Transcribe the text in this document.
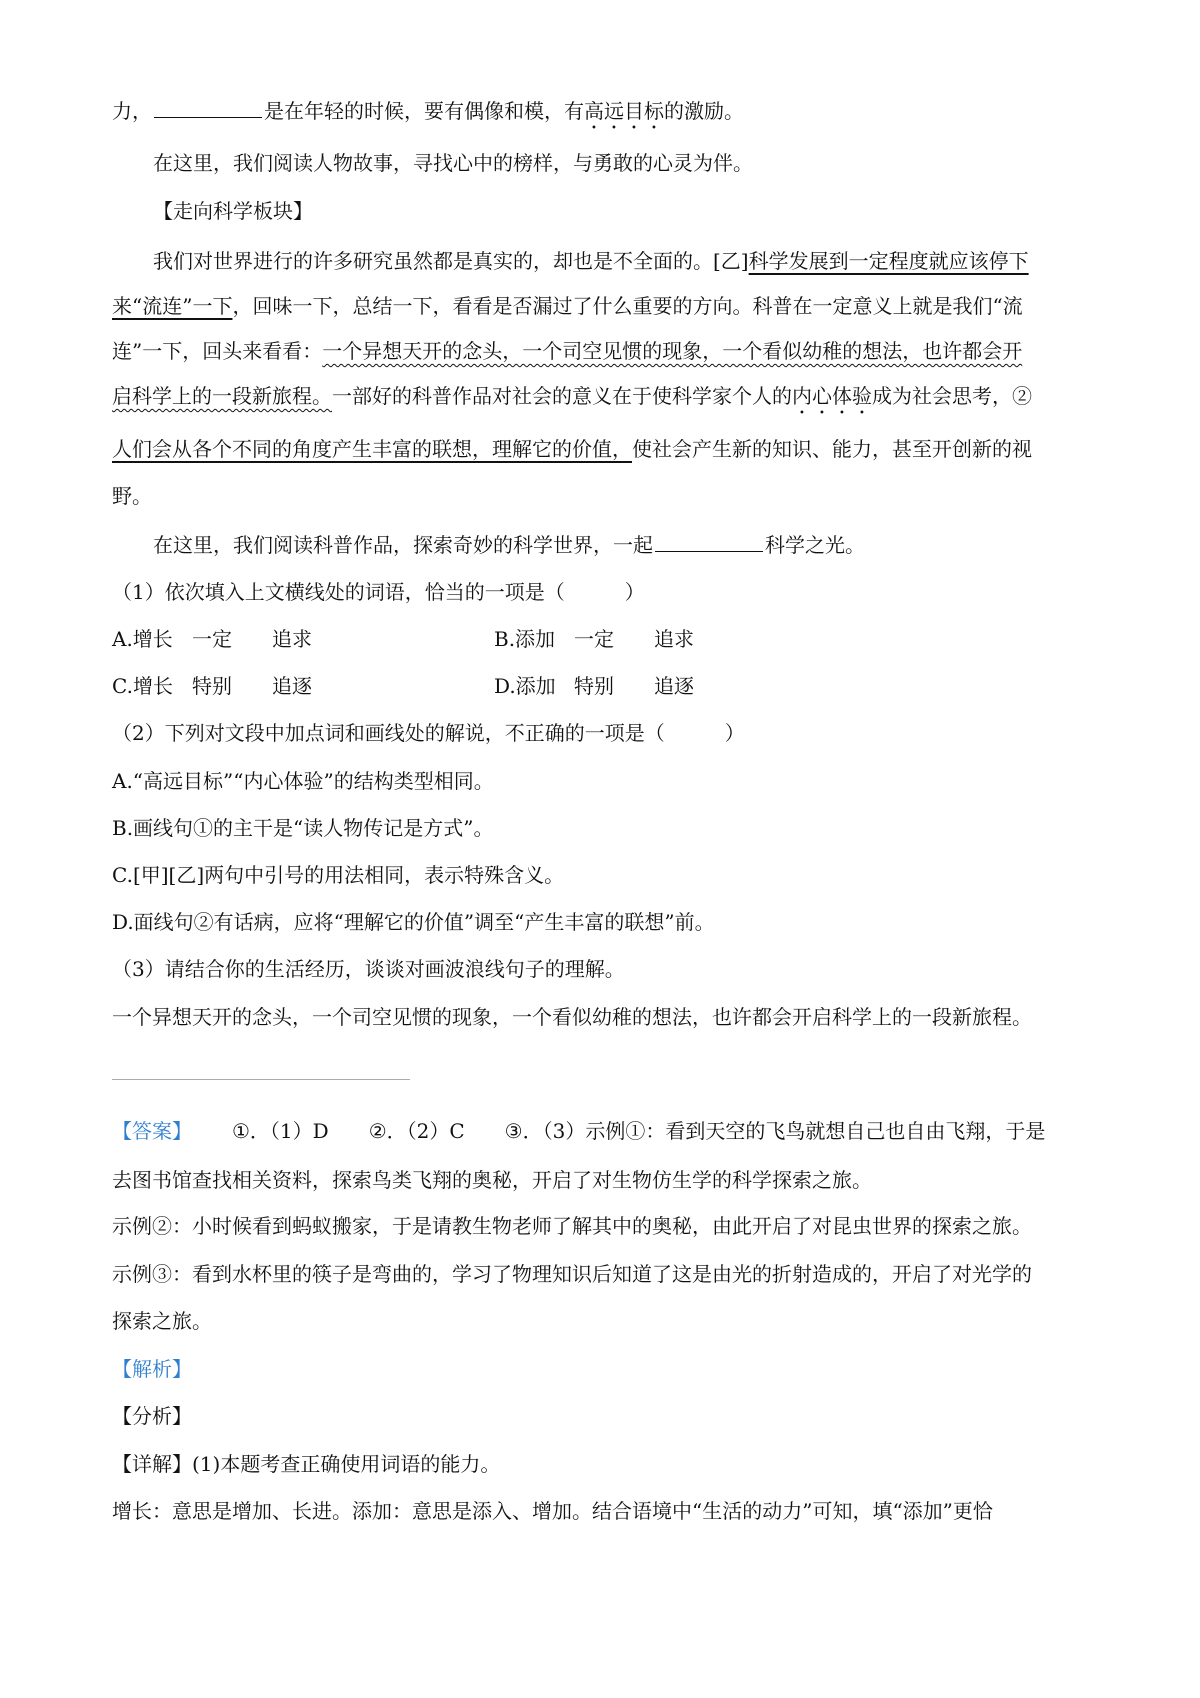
力，	是在年轻的时候，要有偶像和模，有高远目标的激励。
在这里，我们阅读人物故事，寻找心中的榜样，与勇敢的心灵为伴。
【走向科学板块】
我们对世界进行的许多研究虽然都是真实的，却也是不全面的。[乙]科学发展到一定程度就应该停下
来“流连”一下，回味一下，总结一下，看看是否漏过了什么重要的方向。科普在一定意义上就是我们“流
连”一下，回头来看看：一个异想天开的念头，一个司空见惯的现象，一个看似幼稚的想法，也许都会开
启科学上的一段新旅程。一部好的科普作品对社会的意义在于使科学家个人的内心体验成为社会思考，②
人们会从各个不同的角度产生丰富的联想，理解它的价值，使社会产生新的知识、能力，甚至开创新的视
野。
在这里，我们阅读科普作品，探索奇妙的科学世界，一起	科学之光。
（1）依次填入上文横线处的词语，恰当的一项是（　　　）
A.增长 一定 追求	B.添加 一定 追求
C.增长 特别 追逐	D.添加 特别 追逐
（2）下列对文段中加点词和画线处的解说，不正确的一项是（　　　）
A.“高远目标”“内心体验”的结构类型相同。
B.画线句①的主干是“读人物传记是方式”。
C.[甲][乙]两句中引号的用法相同，表示特殊含义。
D.面线句②有话病，应将“理解它的价值”调至“产生丰富的联想”前。
（3）请结合你的生活经历，谈谈对画波浪线句子的理解。
一个异想天开的念头，一个司空见惯的现象，一个看似幼稚的想法，也许都会开启科学上的一段新旅程。
【答案】 ①．（1）D ②．（2）C ③．（3）示例①：看到天空的飞鸟就想自己也自由飞翔，于是
去图书馆查找相关资料，探索鸟类飞翔的奥秘，开启了对生物仿生学的科学探索之旅。
示例②：小时候看到蚂蚁搬家，于是请教生物老师了解其中的奥秘，由此开启了对昆虫世界的探索之旅。
示例③：看到水杯里的筷子是弯曲的，学习了物理知识后知道了这是由光的折射造成的，开启了对光学的
探索之旅。
【解析】
【分析】
【详解】(1)本题考查正确使用词语的能力。
增长：意思是增加、长进。添加：意思是添入、增加。结合语境中“生活的动力”可知，填“添加”更恰
